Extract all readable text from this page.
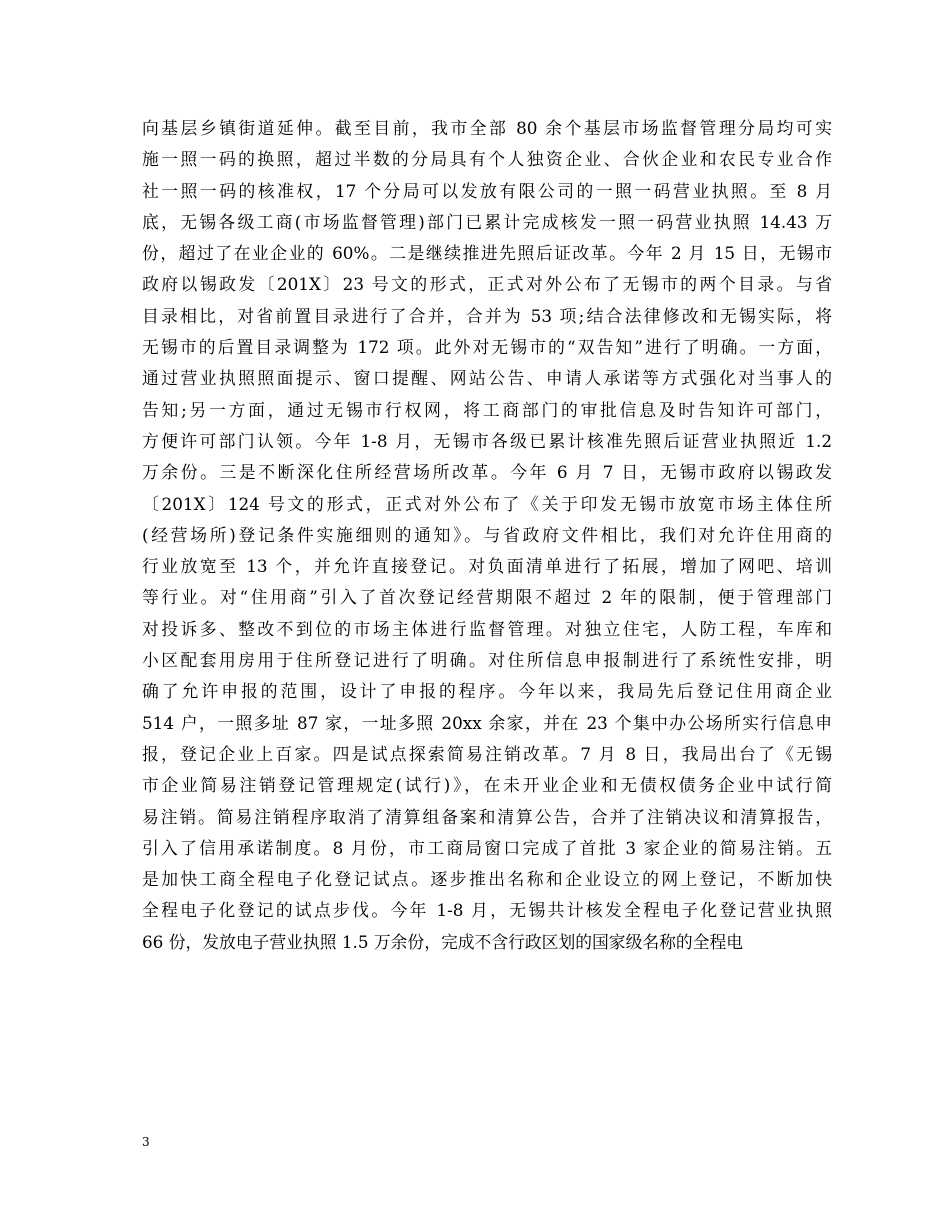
向基层乡镇街道延伸。截至目前，我市全部 80 余个基层市场监督管理分局均可实
施一照一码的换照，超过半数的分局具有个人独资企业、合伙企业和农民专业合作
社一照一码的核准权，17 个分局可以发放有限公司的一照一码营业执照。至 8 月
底，无锡各级工商(市场监督管理)部门已累计完成核发一照一码营业执照 14.43 万
份，超过了在业企业的 60%。二是继续推进先照后证改革。今年 2 月 15 日，无锡市
政府以锡政发〔201X〕23 号文的形式，正式对外公布了无锡市的两个目录。与省
目录相比，对省前置目录进行了合并，合并为 53 项;结合法律修改和无锡实际，将
无锡市的后置目录调整为 172 项。此外对无锡市的“双告知”进行了明确。一方面，
通过营业执照照面提示、窗口提醒、网站公告、申请人承诺等方式强化对当事人的
告知;另一方面，通过无锡市行权网，将工商部门的审批信息及时告知许可部门，
方便许可部门认领。今年 1-8 月，无锡市各级已累计核准先照后证营业执照近 1.2
万余份。三是不断深化住所经营场所改革。今年 6 月 7 日，无锡市政府以锡政发
〔201X〕124 号文的形式，正式对外公布了《关于印发无锡市放宽市场主体住所
(经营场所)登记条件实施细则的通知》。与省政府文件相比，我们对允许住用商的
行业放宽至 13 个，并允许直接登记。对负面清单进行了拓展，增加了网吧、培训
等行业。对“住用商”引入了首次登记经营期限不超过 2 年的限制，便于管理部门
对投诉多、整改不到位的市场主体进行监督管理。对独立住宅，人防工程，车库和
小区配套用房用于住所登记进行了明确。对住所信息申报制进行了系统性安排，明
确了允许申报的范围，设计了申报的程序。今年以来，我局先后登记住用商企业
514 户，一照多址 87 家，一址多照 20xx 余家，并在 23 个集中办公场所实行信息申
报，登记企业上百家。四是试点探索简易注销改革。7 月 8 日，我局出台了《无锡
市企业简易注销登记管理规定(试行)》，在未开业企业和无债权债务企业中试行简
易注销。简易注销程序取消了清算组备案和清算公告，合并了注销决议和清算报告，
引入了信用承诺制度。8 月份，市工商局窗口完成了首批 3 家企业的简易注销。五
是加快工商全程电子化登记试点。逐步推出名称和企业设立的网上登记，不断加快
全程电子化登记的试点步伐。今年 1-8 月，无锡共计核发全程电子化登记营业执照
66 份，发放电子营业执照 1.5 万余份，完成不含行政区划的国家级名称的全程电
3
